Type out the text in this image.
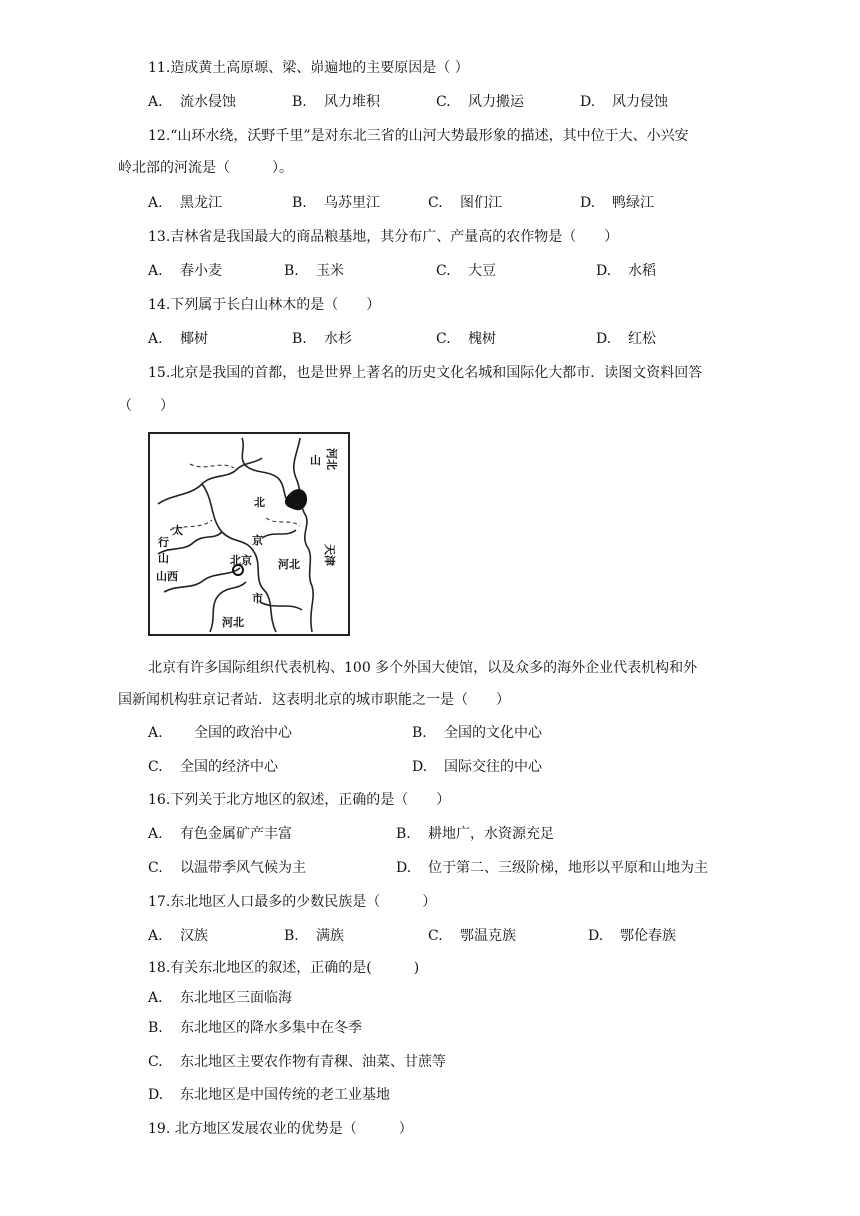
11.造成黄土高原塬、梁、峁遍地的主要原因是（ ）
A. 流水侵蚀	B. 风力堆积	C. 风力搬运	D. 风力侵蚀
12.“山环水绕，沃野千里”是对东北三省的山河大势最形象的描述，其中位于大、小兴安
岭北部的河流是（　　　）。
A. 黑龙江	B. 乌苏里江	C. 图们江	D. 鸭绿江
13.吉林省是我国最大的商品粮基地，其分布广、产量高的农作物是（　　）
A. 春小麦	B. 玉米	C. 大豆	D. 水稻
14.下列属于长白山林木的是（　　）
A. 椰树	B. 水杉	C. 槐树	D. 红松
15.北京是我国的首都，也是世界上著名的历史文化名城和国际化大都市．读图文资料回答
（　　）
河北
山
北
京
市
北京 河北
河北
天津
太
行
山
山西
北京有许多国际组织代表机构、100 多个外国大使馆，以及众多的海外企业代表机构和外
国新闻机构驻京记者站．这表明北京的城市职能之一是（　　）
A.　全国的政治中心	B. 全国的文化中心
C. 全国的经济中心	D. 国际交往的中心
16.下列关于北方地区的叙述，正确的是（　　）
A. 有色金属矿产丰富	B. 耕地广，水资源充足
C. 以温带季风气候为主	D. 位于第二、三级阶梯，地形以平原和山地为主
17.东北地区人口最多的少数民族是（　　　）
A. 汉族	B. 满族	C. 鄂温克族	D. 鄂伦春族
18.有关东北地区的叙述，正确的是(　　　)
A. 东北地区三面临海
B. 东北地区的降水多集中在冬季
C. 东北地区主要农作物有青稞、油菜、甘蔗等
D. 东北地区是中国传统的老工业基地
19. 北方地区发展农业的优势是（　　　）
